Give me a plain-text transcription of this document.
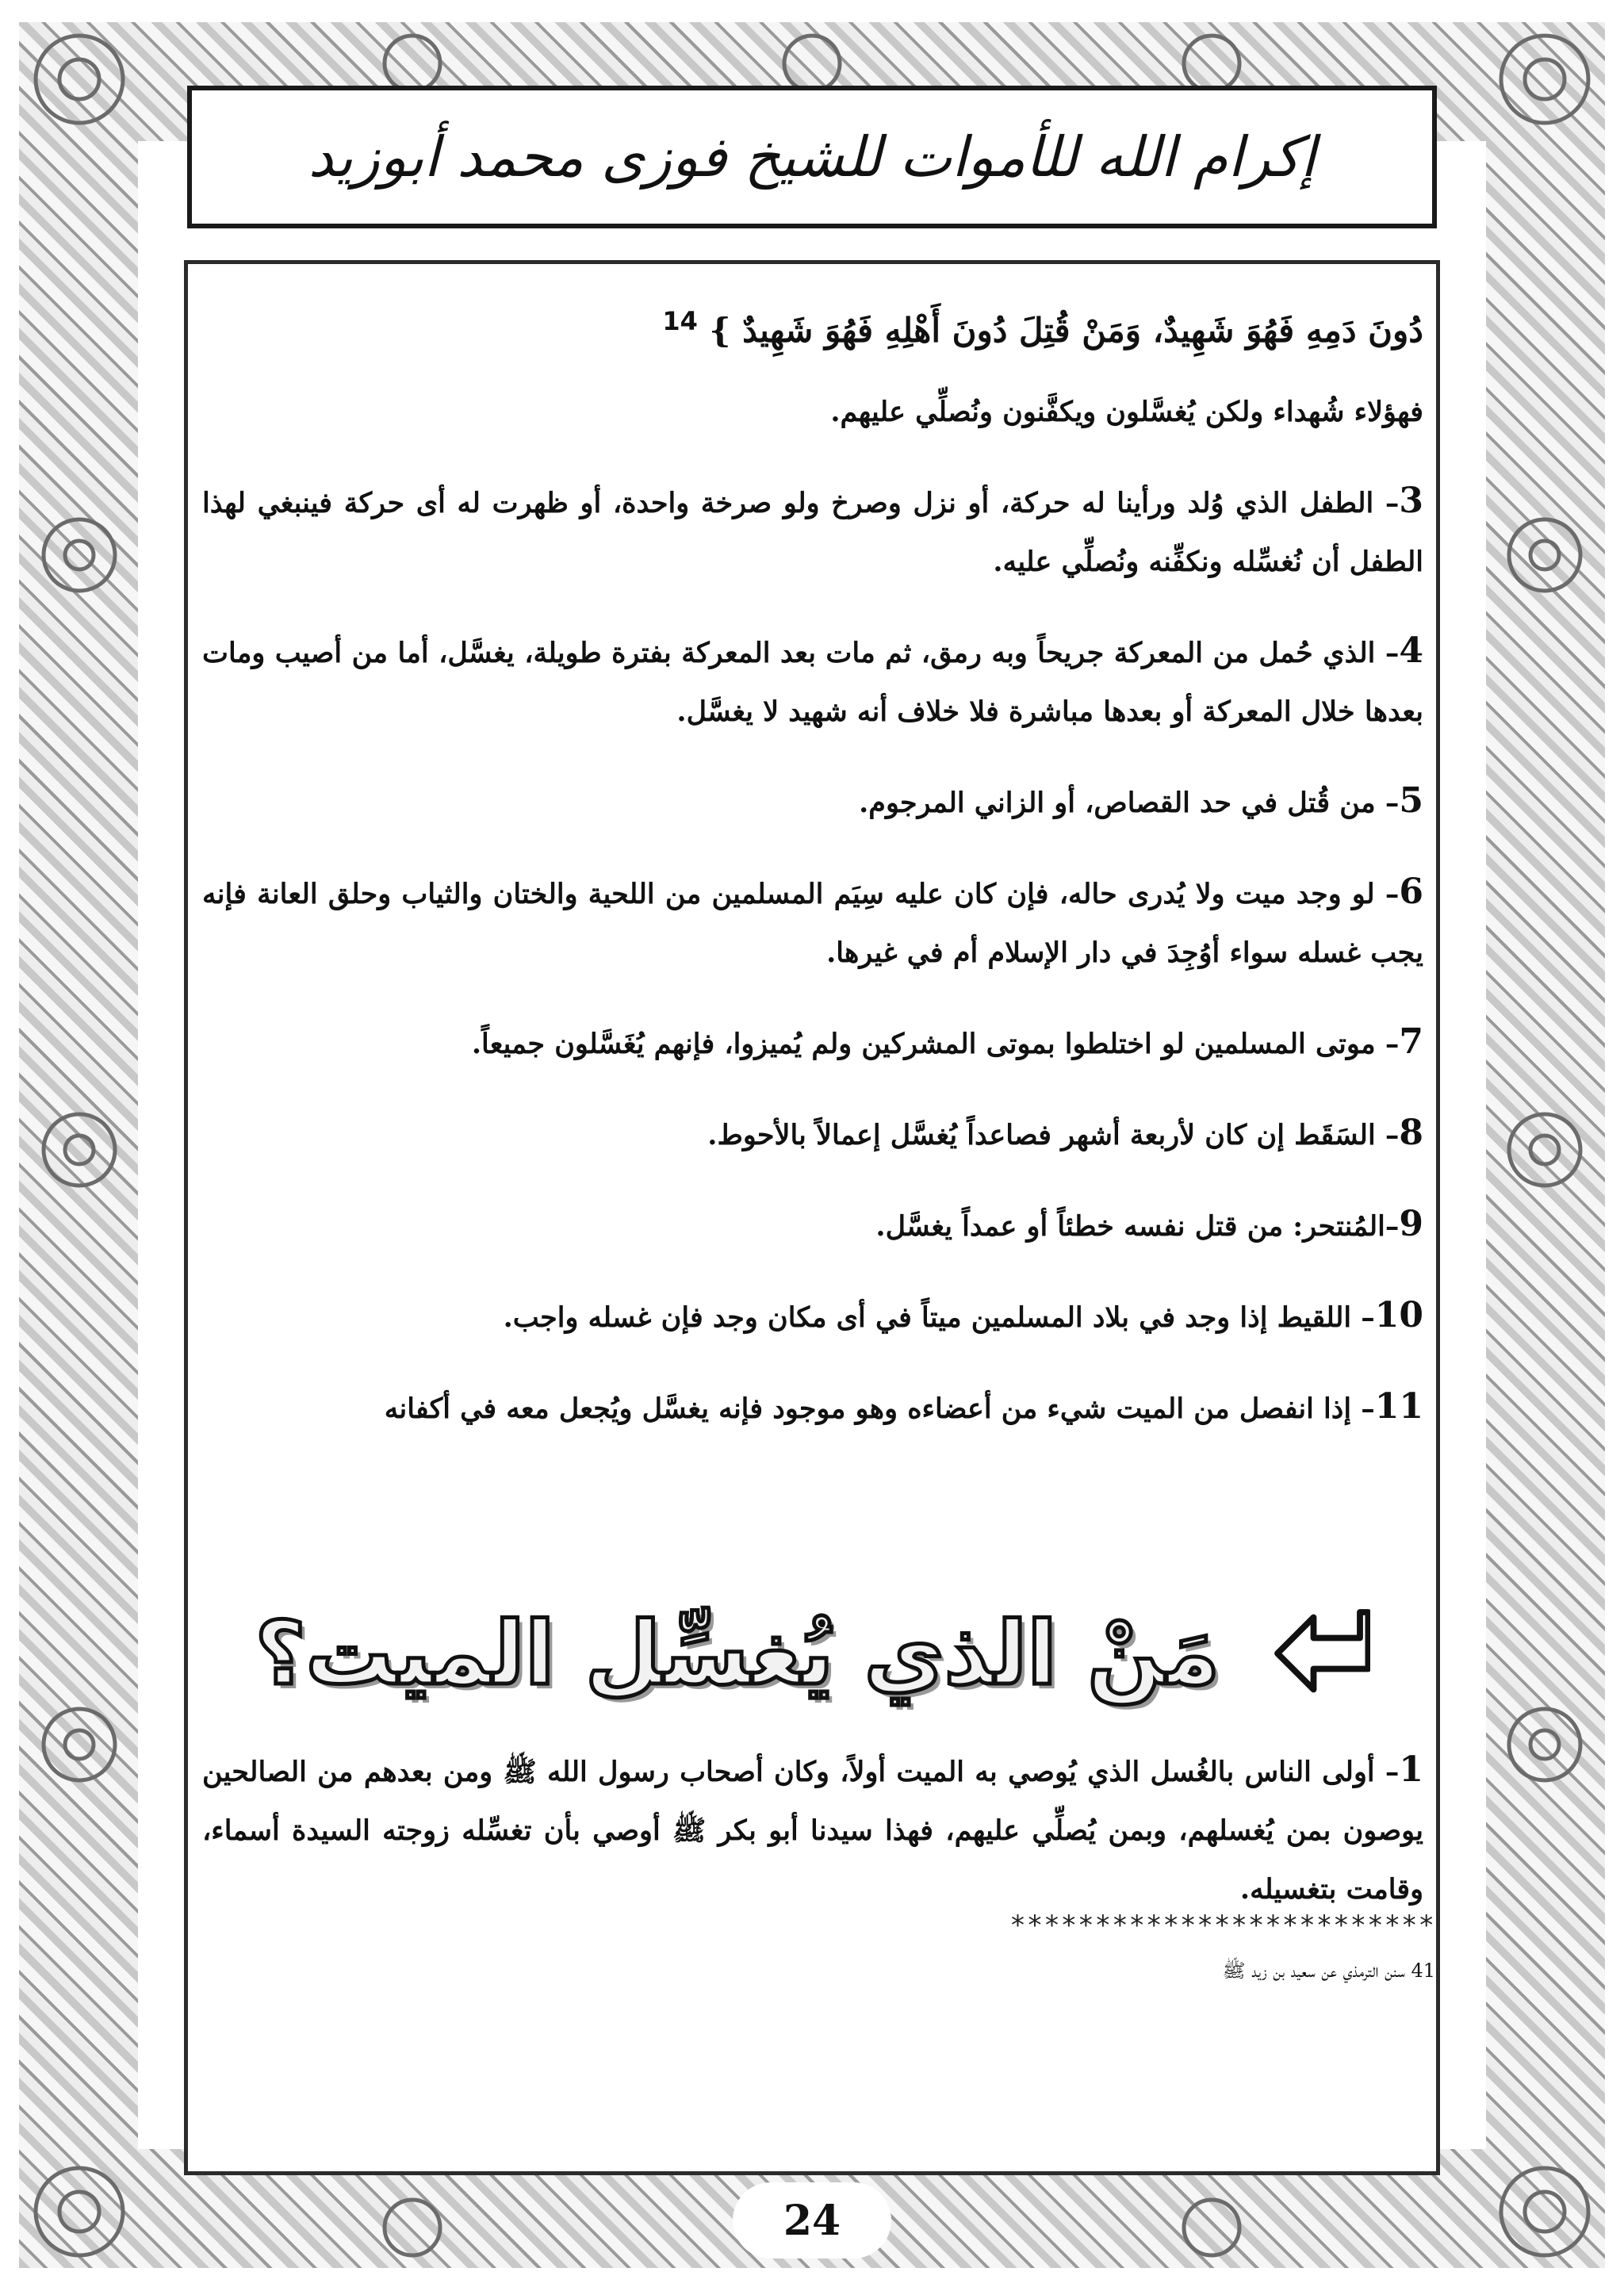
إكرام الله للأموات للشيخ فوزى محمد أبوزيد

دُونَ دَمِهِ فَهُوَ شَهِيدٌ، وَمَنْ قُتِلَ دُونَ أَهْلِهِ فَهُوَ شَهِيدٌ } $^{14}$

فهؤلاء شُهداء ولكن يُغسَّلون ويكفَّنون ونُصلِّي عليهم.

3– الطفل الذي وُلد ورأينا له حركة، أو نزل وصرخ ولو صرخة واحدة، أو ظهرت له أى حركة فينبغي لهذا الطفل أن نُغسِّله ونكفِّنه ونُصلِّي عليه.

4– الذي حُمل من المعركة جريحاً وبه رمق، ثم مات بعد المعركة بفترة طويلة، يغسَّل، أما من أصيب ومات بعدها خلال المعركة أو بعدها مباشرة فلا خلاف أنه شهيد لا يغسَّل.

5– من قُتل في حد القصاص، أو الزاني المرجوم.

6– لو وجد ميت ولا يُدرى حاله، فإن كان عليه سِيَم المسلمين من اللحية والختان والثياب وحلق العانة فإنه يجب غسله سواء أوُجِدَ في دار الإسلام أم في غيرها.

7– موتى المسلمين لو اختلطوا بموتى المشركين ولم يُميزوا، فإنهم يُغَسَّلون جميعاً.

8– السَقَط إن كان لأربعة أشهر فصاعداً يُغسَّل إعمالاً بالأحوط.

9–المُنتحر: من قتل نفسه خطئاً أو عمداً يغسَّل.

10– اللقيط إذا وجد في بلاد المسلمين ميتاً في أى مكان وجد فإن غسله واجب.

11– إذا انفصل من الميت شيء من أعضاءه وهو موجود فإنه يغسَّل ويُجعل معه في أكفانه

مَنْ الذي يُغسِّل الميت؟

1– أولى الناس بالغُسل الذي يُوصي به الميت أولاً، وكان أصحاب رسول الله ﷺ ومن بعدهم من الصالحين يوصون بمن يُغسلهم، وبمن يُصلِّي عليهم، فهذا سيدنا أبو بكر ﷺ أوصي بأن تغسِّله زوجته السيدة أسماء، وقامت بتغسيله.

*************************
41 سنن الترمذي عن سعيد بن زيد ﷺ
24
